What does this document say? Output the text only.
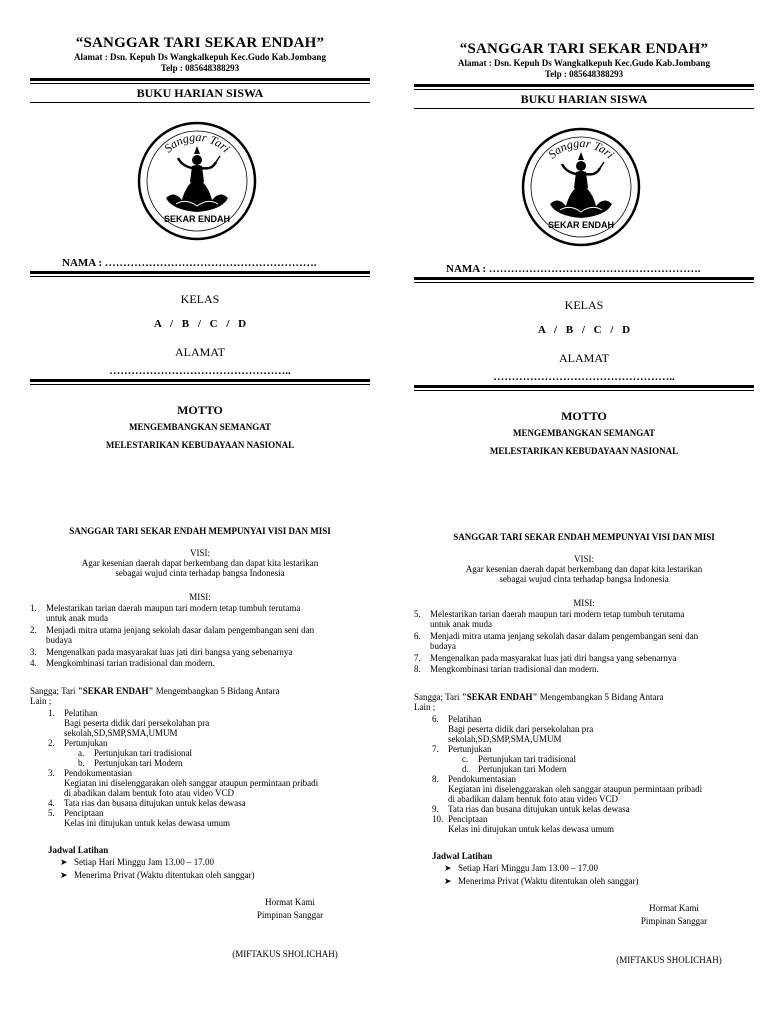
“SANGGAR TARI SEKAR ENDAH”
Alamat : Dsn. Kepuh Ds Wangkalkepuh Kec.Gudo Kab.Jombang
Telp : 085648388293
BUKU HARIAN SISWA
Sanggar Tari
SEKAR ENDAH
NAMA : ………………………………………………….
KELAS
A / B / C / D
ALAMAT
…………………………………………..
MOTTO
MENGEMBANGKAN SEMANGAT
MELESTARIKAN KEBUDAYAAN NASIONAL
SANGGAR TARI SEKAR ENDAH MEMPUNYAI VISI DAN MISI
VISI:
Agar kesenian daerah dapat berkembang dan dapat kita lestarikan
sebagai wujud cinta terhadap bangsa Indonesia
MISI:
1. Melestarikan tarian daerah maupun tari modern tetap tumbuh terutama
untuk anak muda
2. Menjadi mitra utama jenjang sekolah dasar dalam pengembangan seni dan
budaya
3. Mengenalkan pada masyarakat luas jati diri bangsa yang sebenarnya
4. Mengkombinasi tarian tradisional dan modern.
Sangga; Tari "SEKAR ENDAH" Mengembangkan 5 Bidang Antara
Lain ;
1. Pelatihan
Bagi peserta didik dari persekolahan pra
sekolah,SD,SMP,SMA,UMUM
2. Pertunjukan
a. Pertunjukan tari tradisional
b. Pertunjukan tari Modern
3. Pendokumentasian
Kegiatan ini diselenggarakan oleh sanggar ataupun permintaan pribadi
di abadikan dalam bentuk foto atau video VCD
4. Tata rias dan busana ditujukan untuk kelas dewasa
5. Penciptaan
Kelas ini ditujukan untuk kelas dewasa umum
Jadwal Latihan
➤ Setiap Hari Minggu Jam 13.00 – 17.00
➤ Menerima Privat (Waktu ditentukan oleh sanggar)
Hormat Kami
Pimpinan Sanggar
(MIFTAKUS SHOLICHAH)
“SANGGAR TARI SEKAR ENDAH”
Alamat : Dsn. Kepuh Ds Wangkalkepuh Kec.Gudo Kab.Jombang
Telp : 085648388293
BUKU HARIAN SISWA
Sanggar Tari
SEKAR ENDAH
NAMA : ………………………………………………….
KELAS
A / B / C / D
ALAMAT
…………………………………………..
MOTTO
MENGEMBANGKAN SEMANGAT
MELESTARIKAN KEBUDAYAAN NASIONAL
SANGGAR TARI SEKAR ENDAH MEMPUNYAI VISI DAN MISI
VISI:
Agar kesenian daerah dapat berkembang dan dapat kita lestarikan
sebagai wujud cinta terhadap bangsa Indonesia
MISI:
5. Melestarikan tarian daerah maupun tari modern tetap tumbuh terutama
untuk anak muda
6. Menjadi mitra utama jenjang sekolah dasar dalam pengembangan seni dan
budaya
7. Mengenalkan pada masyarakat luas jati diri bangsa yang sebenarnya
8. Mengkombinasi tarian tradisional dan modern.
Sangga; Tari "SEKAR ENDAH" Mengembangkan 5 Bidang Antara
Lain ;
6. Pelatihan
Bagi peserta didik dari persekolahan pra
sekolah,SD,SMP,SMA,UMUM
7. Pertunjukan
c. Pertunjukan tari tradisional
d. Pertunjukan tari Modern
8. Pendokumentasian
Kegiatan ini diselenggarakan oleh sanggar ataupun permintaan pribadi
di abadikan dalam bentuk foto atau video VCD
9. Tata rias dan busana ditujukan untuk kelas dewasa
10. Penciptaan
Kelas ini ditujukan untuk kelas dewasa umum
Jadwal Latihan
➤ Setiap Hari Minggu Jam 13.00 – 17.00
➤ Menerima Privat (Waktu ditentukan oleh sanggar)
Hormat Kami
Pimpinan Sanggar
(MIFTAKUS SHOLICHAH)
